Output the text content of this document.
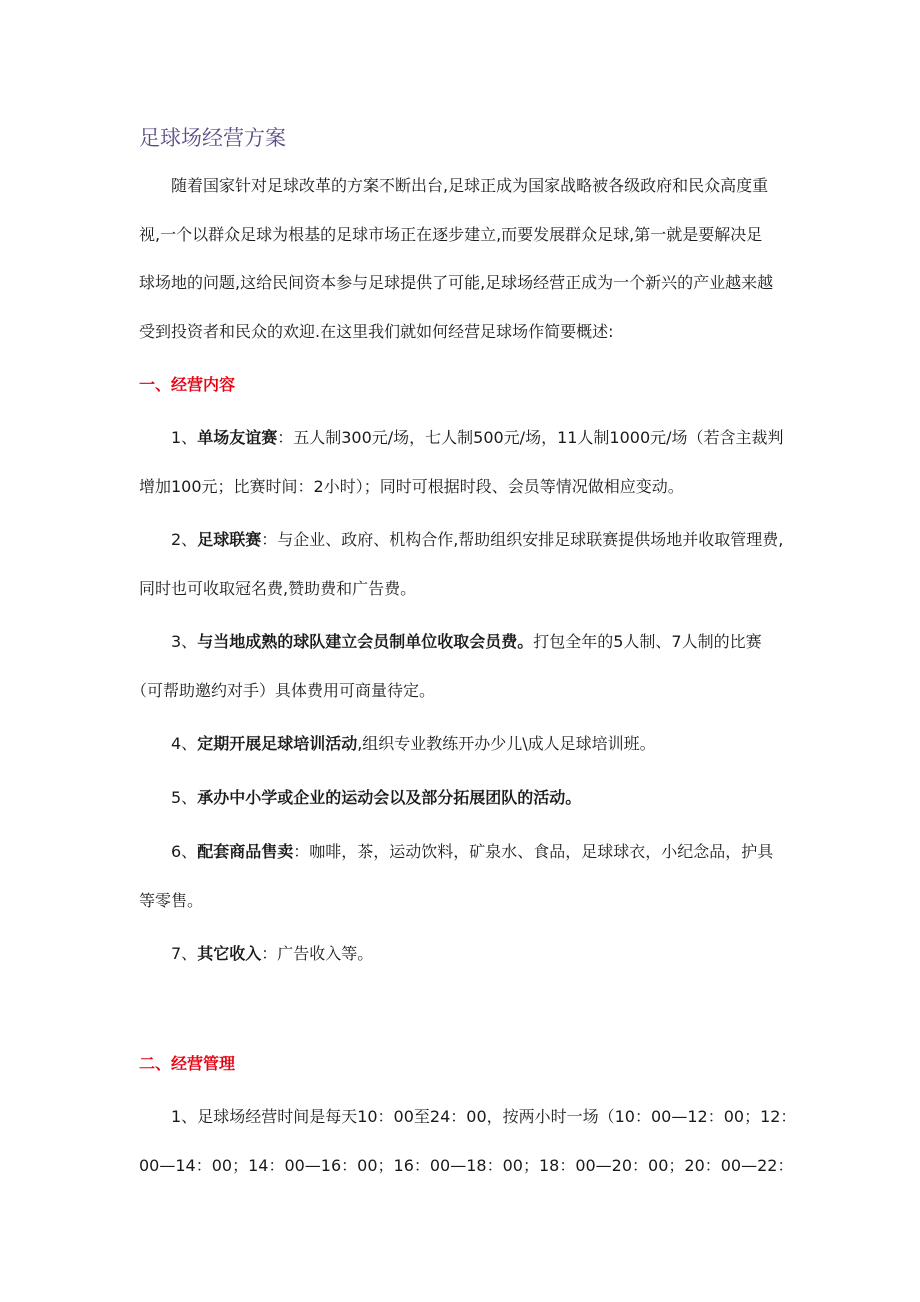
足球场经营方案
随着国家针对足球改革的方案不断出台,足球正成为国家战略被各级政府和民众高度重
视,一个以群众足球为根基的足球市场正在逐步建立,而要发展群众足球,第一就是要解决足
球场地的问题,这给民间资本参与足球提供了可能,足球场经营正成为一个新兴的产业越来越
受到投资者和民众的欢迎.在这里我们就如何经营足球场作简要概述:
一、经营内容
1、单场友谊赛：五人制300元/场，七人制500元/场，11人制1000元/场（若含主裁判
增加100元；比赛时间：2小时）；同时可根据时段、会员等情况做相应变动。
2、足球联赛：与企业、政府、机构合作,帮助组织安排足球联赛提供场地并收取管理费,
同时也可收取冠名费,赞助费和广告费。
3、与当地成熟的球队建立会员制单位收取会员费。打包全年的5人制、7人制的比赛
（可帮助邀约对手）具体费用可商量待定。
4、定期开展足球培训活动,组织专业教练开办少儿\成人足球培训班。
5、承办中小学或企业的运动会以及部分拓展团队的活动。
6、配套商品售卖：咖啡，茶，运动饮料，矿泉水、食品，足球球衣，小纪念品，护具
等零售。
7、其它收入：广告收入等。
二、经营管理
1、足球场经营时间是每天10：00至24：00，按两小时一场（10：00—12：00；12：
00—14：00；14：00—16：00；16：00—18：00；18：00—20：00；20：00—22：
